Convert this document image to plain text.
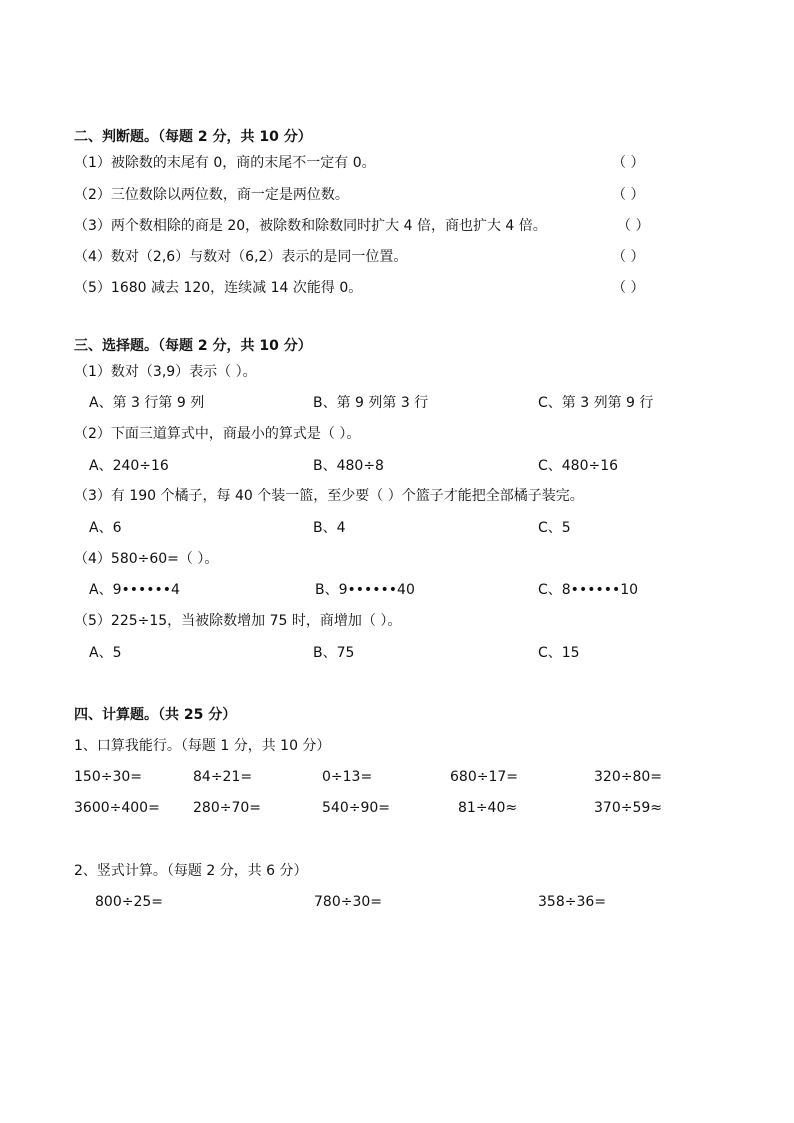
二、判断题。（每题 2 分，共 10 分）
（1）被除数的末尾有 0，商的末尾不一定有 0。	（ ）
（2）三位数除以两位数，商一定是两位数。	（ ）
（3）两个数相除的商是 20，被除数和除数同时扩大 4 倍，商也扩大 4 倍。	（ ）
（4）数对（2,6）与数对（6,2）表示的是同一位置。	（ ）
（5）1680 减去 120，连续减 14 次能得 0。	（ ）
三、选择题。（每题 2 分，共 10 分）
（1）数对（3,9）表示（ ）。
A、第 3 行第 9 列	B、第 9 列第 3 行	C、第 3 列第 9 行
（2）下面三道算式中，商最小的算式是（ ）。
A、240÷16	B、480÷8	C、480÷16
（3）有 190 个橘子，每 40 个装一篮，至少要（ ）个篮子才能把全部橘子装完。
A、6	B、4	C、5
（4）580÷60=（ ）。
A、9••••••4	B、9••••••40	C、8••••••10
（5）225÷15，当被除数增加 75 时，商增加（ ）。
A、5	B、75	C、15
四、计算题。（共 25 分）
1、口算我能行。（每题 1 分，共 10 分）
150÷30=	84÷21=	0÷13=	680÷17=	320÷80=
3600÷400= 280÷70=	540÷90=	81÷40≈	370÷59≈
2、竖式计算。（每题 2 分，共 6 分）
800÷25=	780÷30=	358÷36=
